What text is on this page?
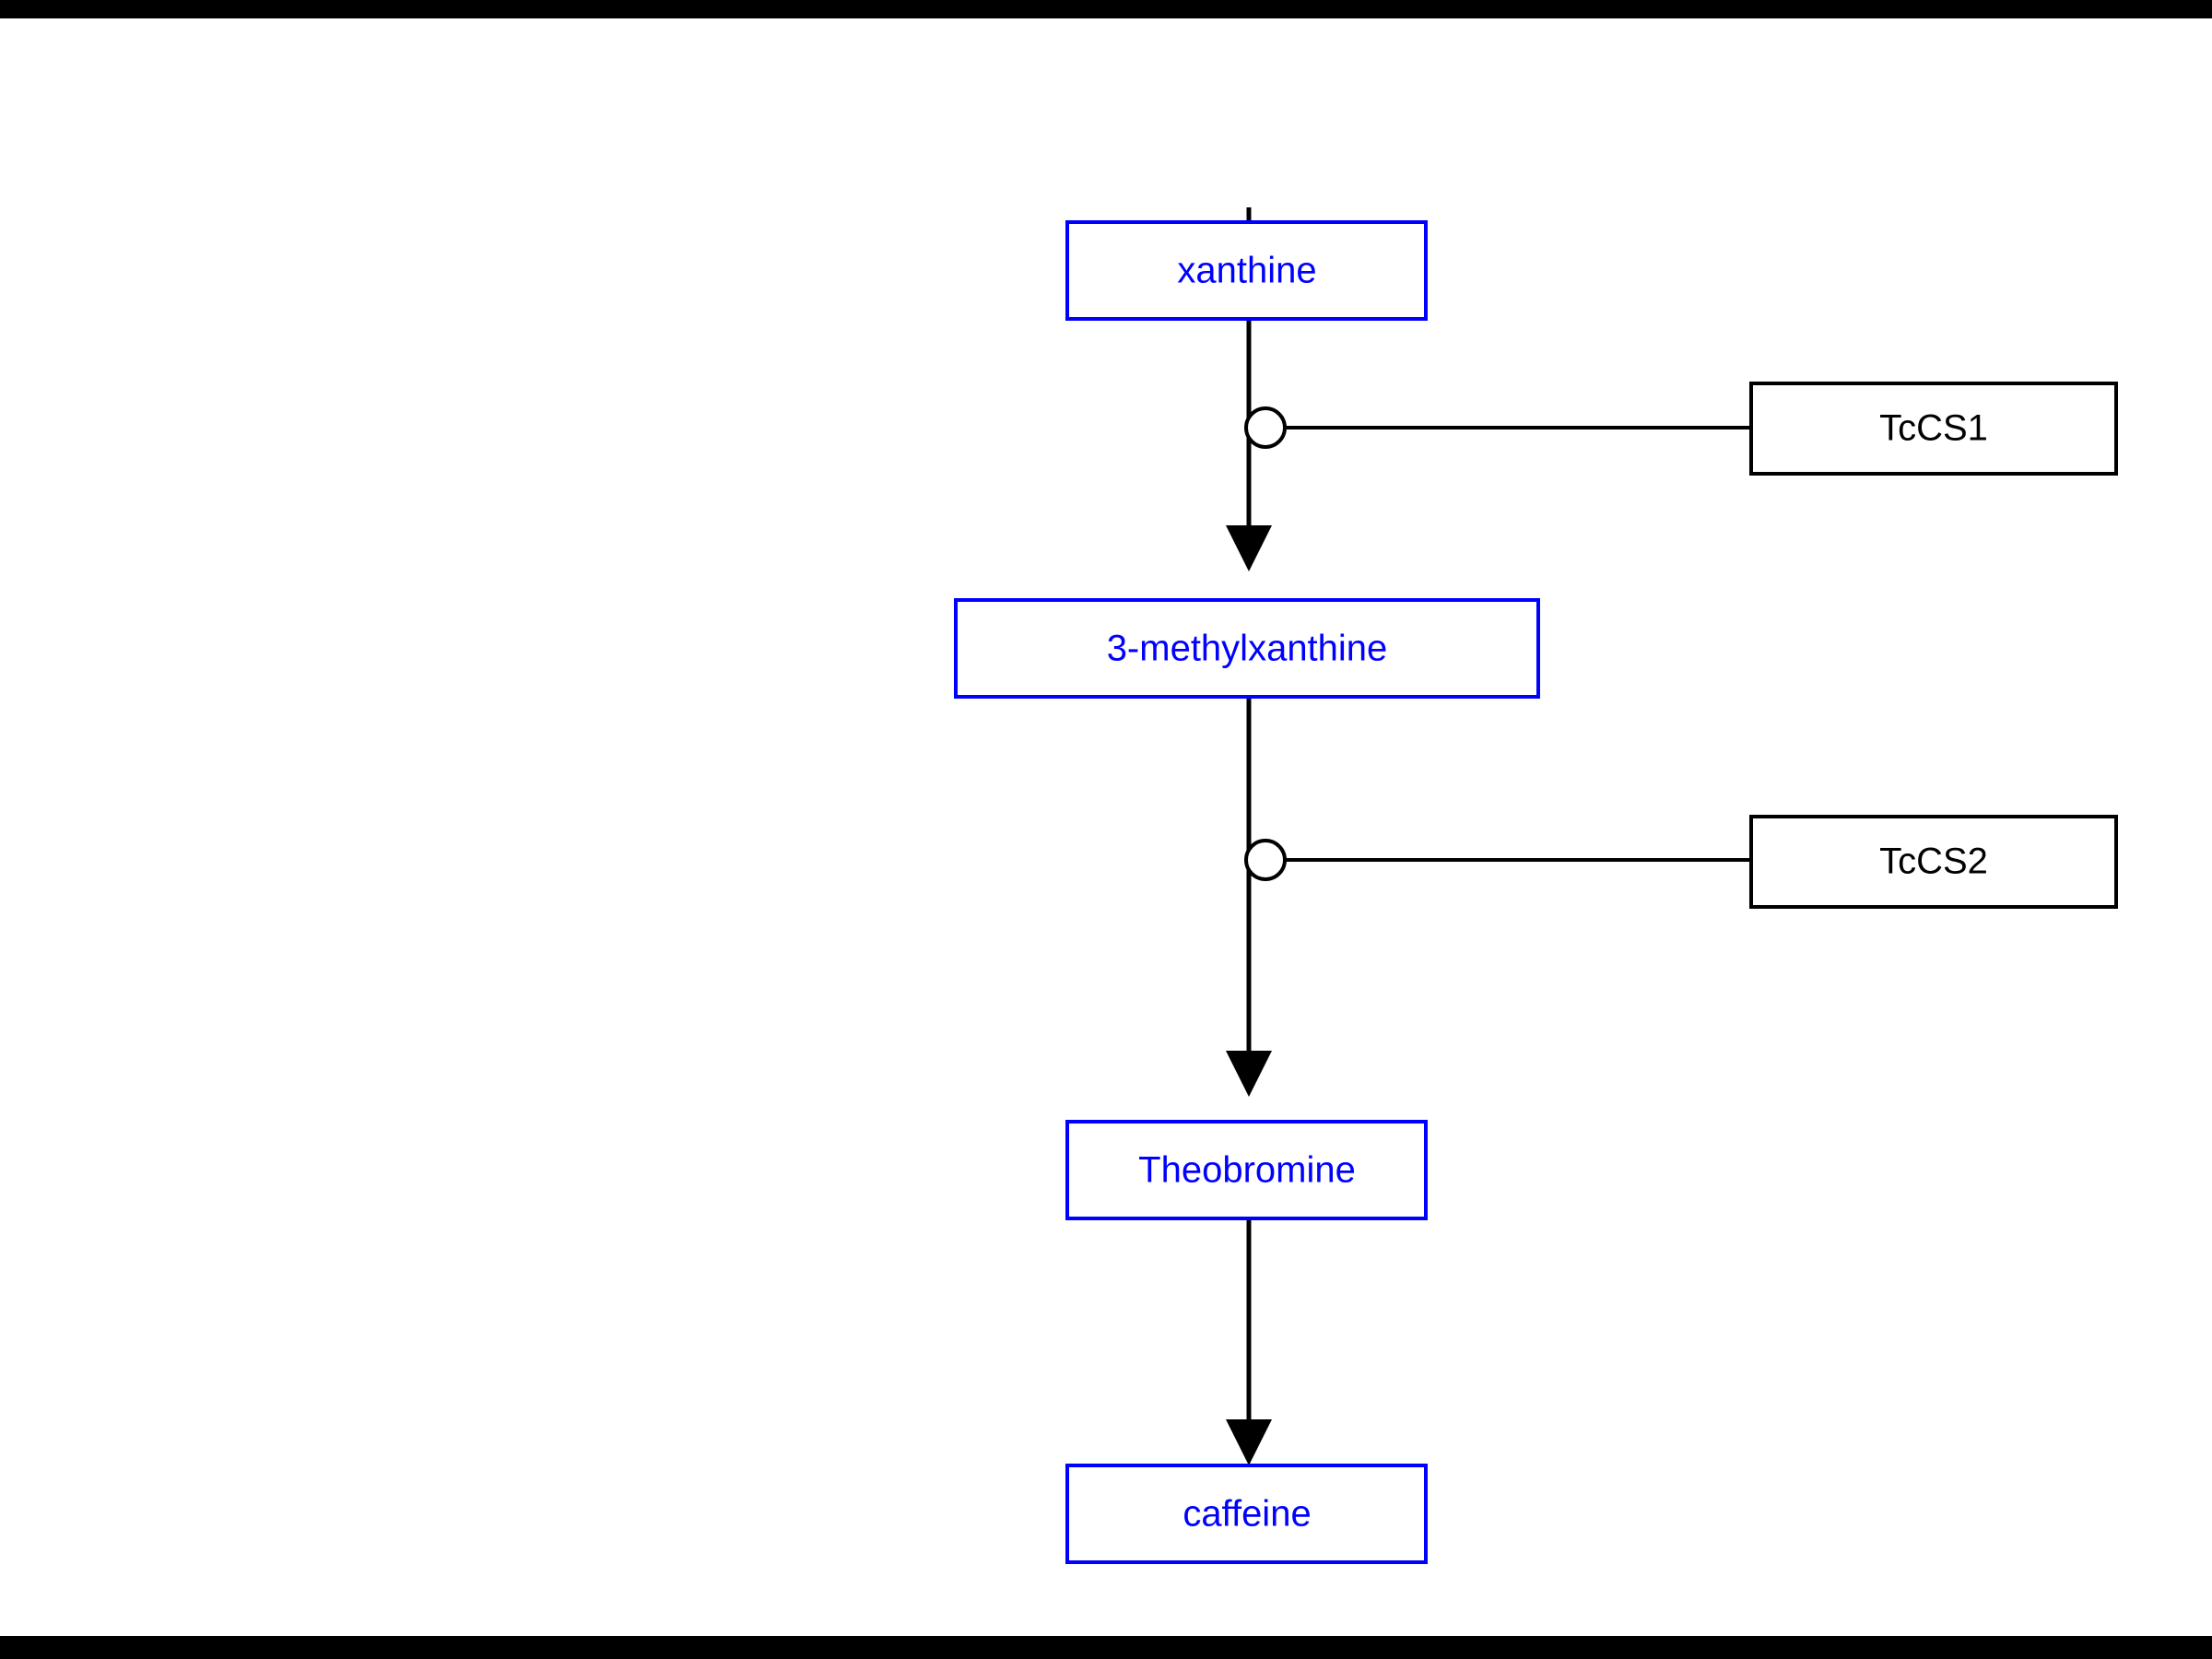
xanthine
3-methylxanthine
Theobromine
caffeine
TcCS1
TcCS2
